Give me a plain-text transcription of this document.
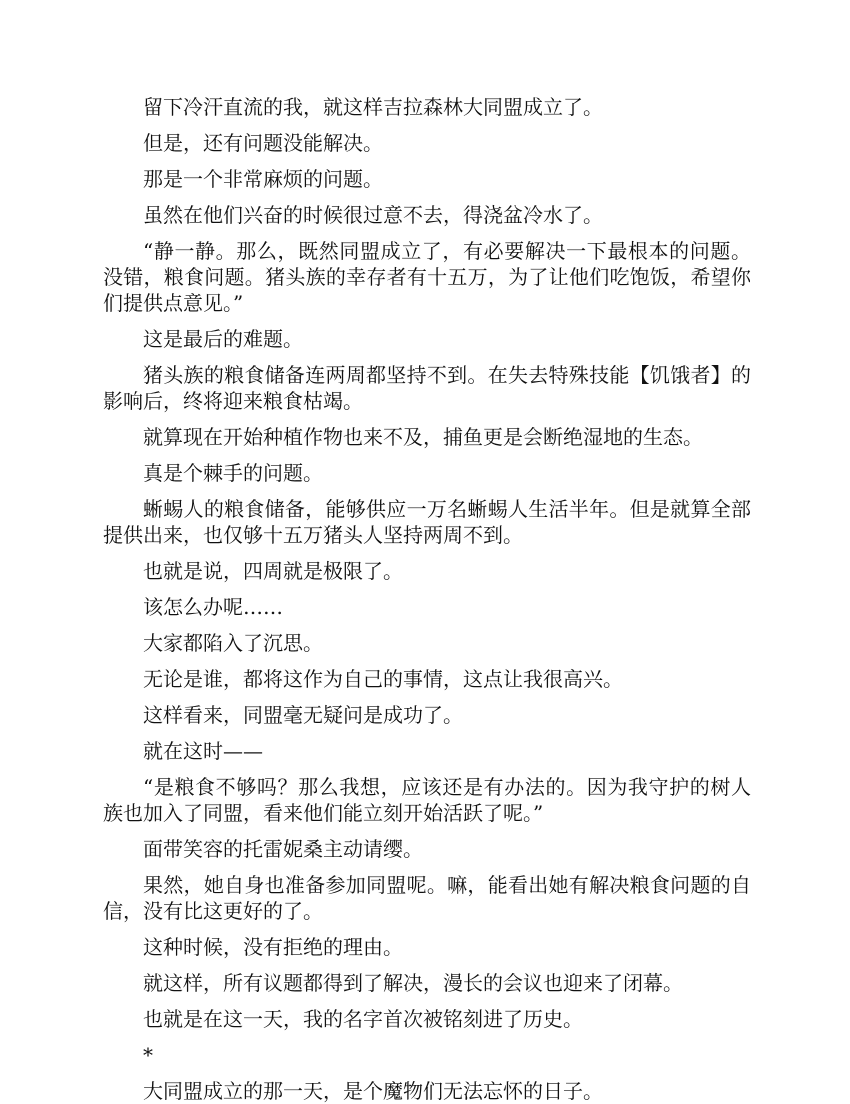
留下冷汗直流的我，就这样吉拉森林大同盟成立了。

但是，还有问题没能解决。

那是一个非常麻烦的问题。

虽然在他们兴奋的时候很过意不去，得浇盆冷水了。

“静一静。那么，既然同盟成立了，有必要解决一下最根本的问题。没错，粮食问题。猪头族的幸存者有十五万，为了让他们吃饱饭，希望你们提供点意见。”

这是最后的难题。

猪头族的粮食储备连两周都坚持不到。在失去特殊技能【饥饿者】的影响后，终将迎来粮食枯竭。

就算现在开始种植作物也来不及，捕鱼更是会断绝湿地的生态。

真是个棘手的问题。

蜥蜴人的粮食储备，能够供应一万名蜥蜴人生活半年。但是就算全部提供出来，也仅够十五万猪头人坚持两周不到。

也就是说，四周就是极限了。

该怎么办呢……

大家都陷入了沉思。

无论是谁，都将这作为自己的事情，这点让我很高兴。

这样看来，同盟毫无疑问是成功了。

就在这时——

“是粮食不够吗？那么我想，应该还是有办法的。因为我守护的树人族也加入了同盟，看来他们能立刻开始活跃了呢。”

面带笑容的托雷妮桑主动请缨。

果然，她自身也准备参加同盟呢。嘛，能看出她有解决粮食问题的自信，没有比这更好的了。

这种时候，没有拒绝的理由。

就这样，所有议题都得到了解决，漫长的会议也迎来了闭幕。

也就是在这一天，我的名字首次被铭刻进了历史。

*

大同盟成立的那一天，是个魔物们无法忘怀的日子。
